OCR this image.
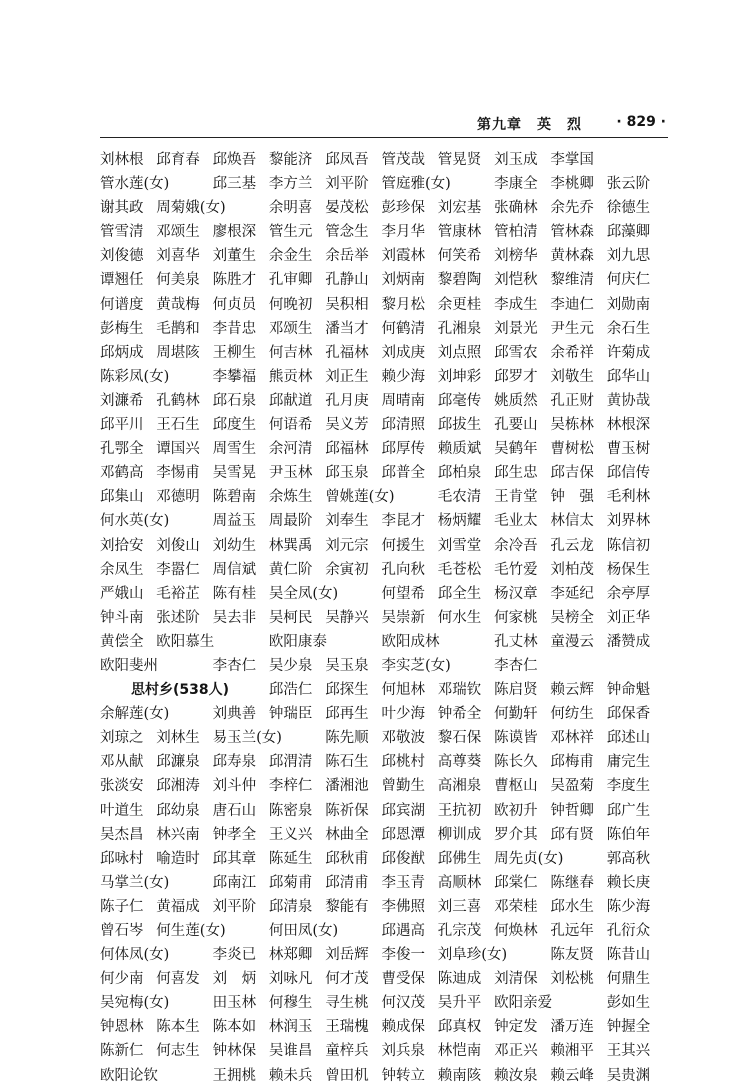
第九章　英　烈 · 829 ·
刘林根 邱育春 邱焕吾 黎能济 邱凤吾 管茂哉 管晃贤 刘玉成 李掌国
管水莲(女)	邱三基 李方兰 刘平阶 管庭雅(女)	李康全 李桃卿 张云阶
谢其政 周菊娥(女)	余明喜 晏茂松 彭珍保 刘宏基 张确林 余先乔 徐德生
管雪清 邓颂生 廖根深 管生元 管念生 李月华 管康林 管柏清 管林森 邱藻卿
刘俊德 刘喜华 刘董生 余金生 余岳举 刘霞林 何笑希 刘榜华 黄林森 刘九思
谭翘任 何美泉 陈胜才 孔审卿 孔静山 刘炳南 黎碧陶 刘恺秋 黎维清 何庆仁
何谱度 黄哉梅 何贞员 何晚初 吴积相 黎月松 余更桂 李成生 李迪仁 刘勋南
彭梅生 毛鹊和 李昔忠 邓颂生 潘当才 何鹤清 孔湘泉 刘景光 尹生元 余石生
邱炳成 周堪陔 王柳生 何吉林 孔福林 刘成庚 刘点照 邱雪农 余希祥 许菊成
陈彩凤(女)	李攀福 熊贡林 刘正生 赖少海 刘坤彩 邱罗才 刘敬生 邱华山
刘濂希 孔鹤林 邱石泉 邱献道 孔月庚 周晴南 邱毫传 姚质然 孔正财 黄协哉
邱平川 王石生 邱度生 何语希 吴义芳 邱清照 邱拔生 孔要山 吴栋林 林根深
孔鄂全 谭国兴 周雪生 余河清 邱福林 邱厚传 赖质斌 吴鹤年 曹树松 曹玉树
邓鹤高 李惕甫 吴雪晃 尹玉林 邱玉泉 邱普全 邱柏泉 邱生忠 邱吉保 邱信传
邱集山 邓德明 陈碧南 余炼生 曾姚莲(女)	毛农清 王肯堂 钟　强 毛利林
何水英(女)	周益玉 周最阶 刘奉生 李昆才 杨炳耀 毛业太 林信太 刘界林
刘拾安 刘俊山 刘幼生 林巽禹 刘元宗 何援生 刘雪堂 余冷吾 孔云龙 陈信初
余凤生 李嚣仁 周信斌 黄仁阶 余寅初 孔向秋 毛苍松 毛竹爱 刘柏茂 杨保生
严娥山 毛裕芷 陈有桂 吴全凤(女)	何望希 邱全生 杨汉章 李延纪 余亭厚
钟斗南 张述阶 吴去非 吴柯民 吴静兴 吴崇新 何水生 何家桃 吴榜全 刘正华
黄偿全 欧阳慕生	欧阳康泰	欧阳成林	孔丈林 童漫云 潘赞成
欧阳斐州	李杏仁 吴少泉 吴玉泉 李实芝(女)	李杏仁
思村乡(538人)	邱浩仁 邱探生 何旭林 邓瑞钦 陈启贤 赖云辉 钟命魁
余解莲(女)	刘典善 钟瑞臣 邱再生 叶少海 钟希全 何勤轩 何纺生 邱保香
刘琼之 刘林生 易玉兰(女)	陈先顺 邓敬波 黎石保 陈谟皆 邓林祥 邱述山
邓从献 邱濂泉 邱寿泉 邱渭清 陈石生 邱桃村 高尊葵 陈长久 邱梅甫 庸完生
张淡安 邱湘涛 刘斗仲 李梓仁 潘湘池 曾勤生 高湘泉 曹枢山 吴盈菊 李度生
叶道生 邱幼泉 唐石山 陈密泉 陈祈保 邱宾湖 王抗初 欧初升 钟哲卿 邱广生
吴杰昌 林兴南 钟孝全 王义兴 林曲全 邱恩潭 柳训成 罗介其 邱有贤 陈伯年
邱咏村 喻造时 邱其章 陈延生 邱秋甫 邱俊猷 邱佛生 周先贞(女)	郭高秋
马掌兰(女)	邱南江 邱菊甫 邱清甫 李玉青 高顺林 邱棠仁 陈继春 赖长庚
陈子仁 黄福成 刘平阶 邱清泉 黎能有 李佛照 刘三喜 邓荣桂 邱水生 陈少海
曾石岑 何生莲(女)	何田凤(女)	邱遇高 孔宗茂 何焕林 孔远年 孔衍众
何体凤(女)	李炎已 林郑卿 刘岳辉 李俊一 刘阜珍(女)	陈友贤 陈昔山
何少南 何喜发 刘　炳 刘咏凡 何才茂 曹受保 陈迪成 刘清保 刘松桃 何鼎生
吴宛梅(女)	田玉林 何穆生 寻生桃 何汉茂 吴升平 欧阳亲爱	彭如生
钟恩林 陈本生 陈本如 林润玉 王瑞槐 赖成保 邱真权 钟定发 潘万连 钟握全
陈新仁 何志生 钟林保 吴谁昌 童梓兵 刘兵泉 林恺南 邓正兴 赖湘平 王其兴
欧阳论钦	王拥桃 赖未兵 曾田机 钟转立 赖南陔 赖汝泉 赖云峰 吴贵渊
